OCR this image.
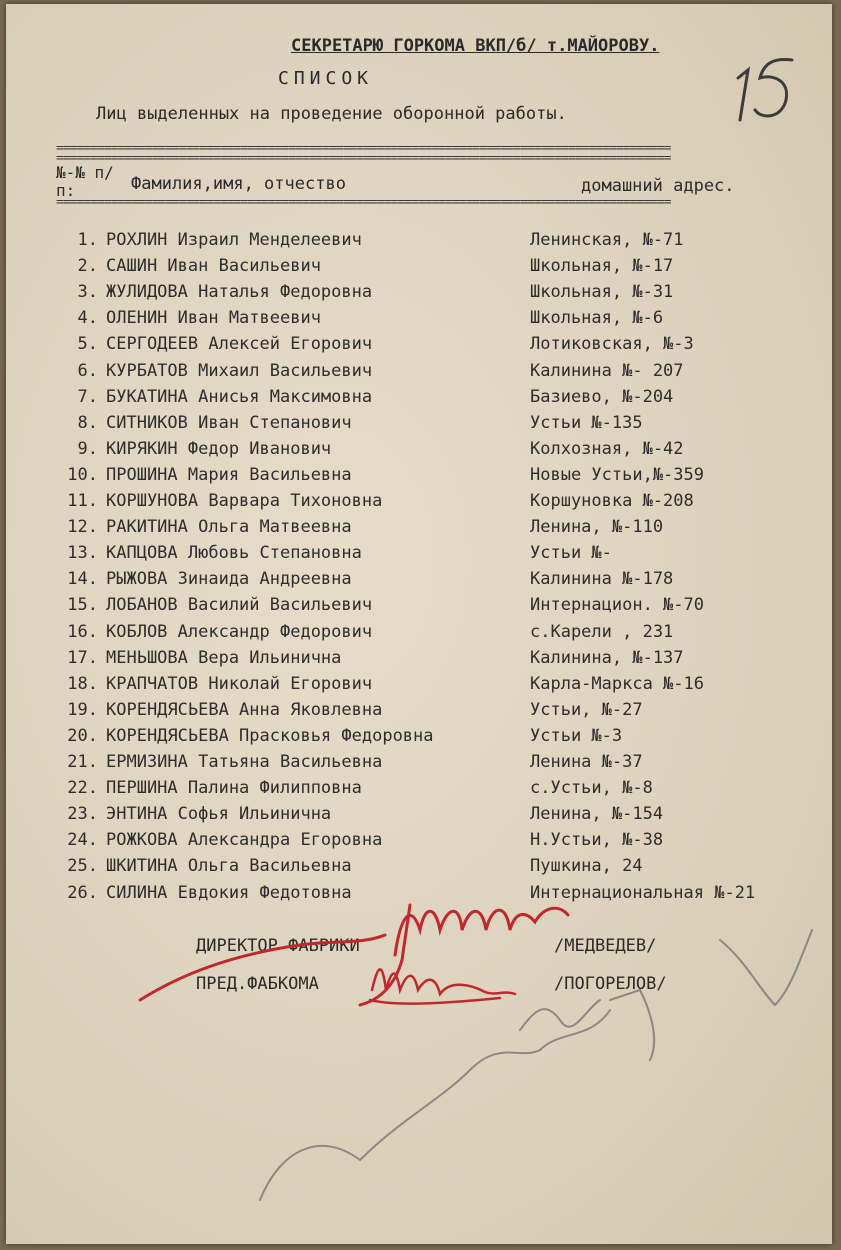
СЕКРЕТАРЮ ГОРКОМА ВКП/б/ т.МАЙОРОВУ.
СПИСОК
Лиц выделенных на проведение оборонной работы.
№-№ п/п:	Фамилия,имя, отчество	домашний адрес.
1. РОХЛИН Израил Менделеевич	Ленинская, №-71
2. САШИН Иван Васильевич	Школьная, №-17
3. ЖУЛИДОВА Наталья Федоровна	Школьная, №-31
4. ОЛЕНИН Иван Матвеевич	Школьная, №-6
5. СЕРГОДЕЕВ Алексей Егорович	Лотиковская, №-3
6. КУРБАТОВ Михаил Васильевич	Калинина №- 207
7. БУКАТИНА Анисья Максимовна	Базиево, №-204
8. СИТНИКОВ Иван Степанович	Устьи №-135
9. КИРЯКИН Федор Иванович	Колхозная, №-42
10. ПРОШИНА Мария Васильевна	Новые Устьи,№-359
11. КОРШУНОВА Варвара Тихоновна	Коршуновка №-208
12. РАКИТИНА Ольга Матвеевна	Ленина, №-110
13. КАПЦОВА Любовь Степановна	Устьи №-
14. РЫЖОВА Зинаида Андреевна	Калинина №-178
15. ЛОБАНОВ Василий Васильевич	Интернацион. №-70
16. КОБЛОВ Александр Федорович	с.Карели , 231
17. МЕНЬШОВА Вера Ильинична	Калинина, №-137
18. КРАПЧАТОВ Николай Егорович	Карла-Маркса №-16
19. КОРЕНДЯСЬЕВА Анна Яковлевна	Устьи, №-27
20. КОРЕНДЯСЬЕВА Прасковья Федоровна	Устьи №-3
21. ЕРМИЗИНА Татьяна Васильевна	Ленина №-37
22. ПЕРШИНА Палина Филипповна	с.Устьи, №-8
23. ЭНТИНА Софья Ильинична	Ленина, №-154
24. РОЖКОВА Александра Егоровна	Н.Устьи, №-38
25. ШКИТИНА Ольга Васильевна	Пушкина, 24
26. СИЛИНА Евдокия Федотовна	Интернациональная №-21
ДИРЕКТОР ФАБРИКИ	/МЕДВЕДЕВ/
ПРЕД.ФАБКОМА	/ПОГОРЕЛОВ/
